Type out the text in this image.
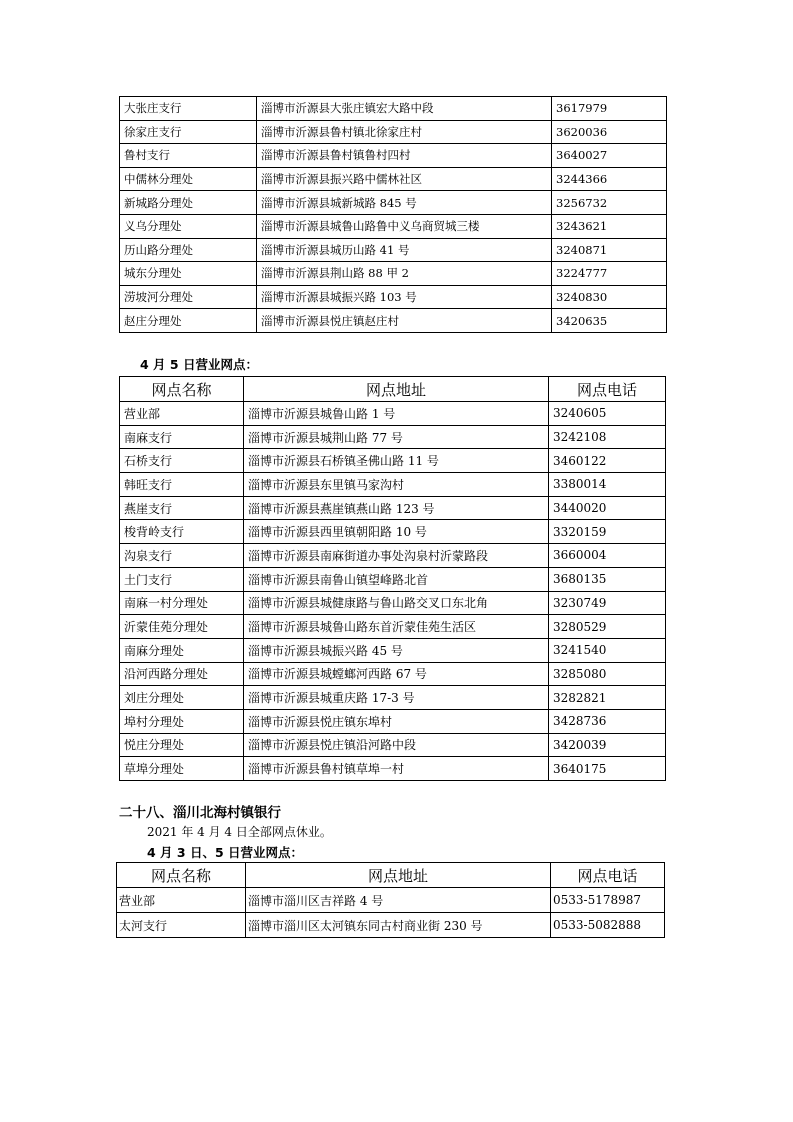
大张庄支行	淄博市沂源县大张庄镇宏大路中段	3617979
徐家庄支行	淄博市沂源县鲁村镇北徐家庄村	3620036
鲁村支行	淄博市沂源县鲁村镇鲁村四村	3640027
中儒林分理处	淄博市沂源县振兴路中儒林社区	3244366
新城路分理处	淄博市沂源县城新城路 845 号	3256732
义乌分理处	淄博市沂源县城鲁山路鲁中义乌商贸城三楼	3243621
历山路分理处	淄博市沂源县城历山路 41 号	3240871
城东分理处	淄博市沂源县荆山路 88 甲 2	3224777
涝坡河分理处	淄博市沂源县城振兴路 103 号	3240830
赵庄分理处	淄博市沂源县悦庄镇赵庄村	3420635
4 月 5 日营业网点：
网点名称	网点地址	网点电话
营业部	淄博市沂源县城鲁山路 1 号	3240605
南麻支行	淄博市沂源县城荆山路 77 号	3242108
石桥支行	淄博市沂源县石桥镇圣佛山路 11 号	3460122
韩旺支行	淄博市沂源县东里镇马家沟村	3380014
燕崖支行	淄博市沂源县燕崖镇燕山路 123 号	3440020
梭背岭支行	淄博市沂源县西里镇朝阳路 10 号	3320159
沟泉支行	淄博市沂源县南麻街道办事处沟泉村沂蒙路段	3660004
土门支行	淄博市沂源县南鲁山镇望峰路北首	3680135
南麻一村分理处	淄博市沂源县城健康路与鲁山路交叉口东北角	3230749
沂蒙佳苑分理处	淄博市沂源县城鲁山路东首沂蒙佳苑生活区	3280529
南麻分理处	淄博市沂源县城振兴路 45 号	3241540
沿河西路分理处	淄博市沂源县城螳螂河西路 67 号	3285080
刘庄分理处	淄博市沂源县城重庆路 17-3 号	3282821
埠村分理处	淄博市沂源县悦庄镇东埠村	3428736
悦庄分理处	淄博市沂源县悦庄镇沿河路中段	3420039
草埠分理处	淄博市沂源县鲁村镇草埠一村	3640175
二十八、淄川北海村镇银行
2021 年 4 月 4 日全部网点休业。
4 月 3 日、5 日营业网点：
网点名称	网点地址	网点电话
营业部	淄博市淄川区吉祥路 4 号	0533-5178987
太河支行	淄博市淄川区太河镇东同古村商业街 230 号	0533-5082888
